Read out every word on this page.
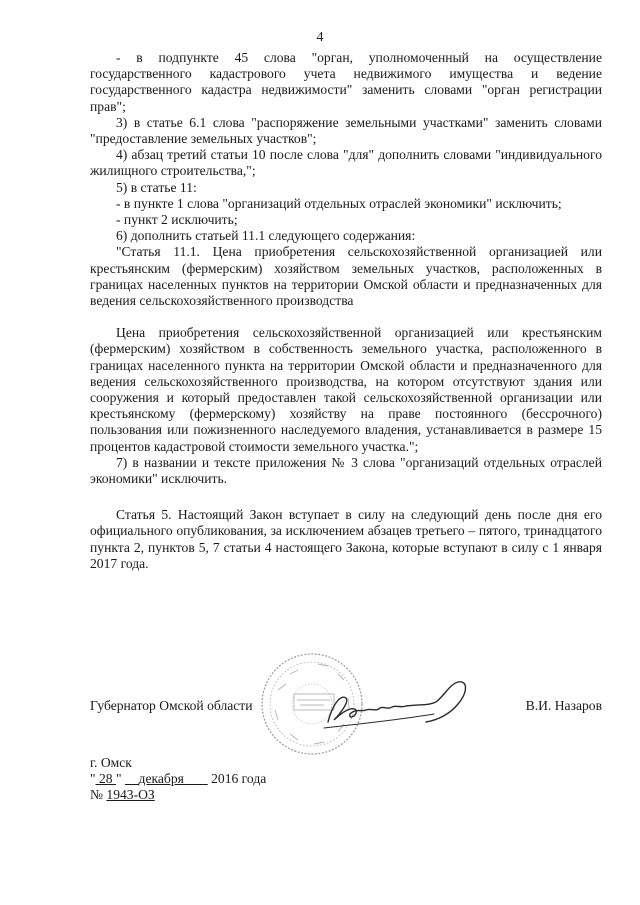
4

- в подпункте 45 слова "орган, уполномоченный на осуществление государственного кадастрового учета недвижимого имущества и ведение государственного кадастра недвижимости" заменить словами "орган регистрации прав";

3) в статье 6.1 слова "распоряжение земельными участками" заменить словами "предоставление земельных участков";

4) абзац третий статьи 10 после слова "для" дополнить словами "индивидуального жилищного строительства,";

5) в статье 11:

- в пункте 1 слова "организаций отдельных отраслей экономики" исключить;

- пункт 2 исключить;

6) дополнить статьей 11.1 следующего содержания:

"Статья 11.1. Цена приобретения сельскохозяйственной организацией или крестьянским (фермерским) хозяйством земельных участков, расположенных в границах населенных пунктов на территории Омской области и предназначенных для ведения сельскохозяйственного производства

Цена приобретения сельскохозяйственной организацией или крестьянским (фермерским) хозяйством в собственность земельного участка, расположенного в границах населенного пункта на территории Омской области и предназначенного для ведения сельскохозяйственного производства, на котором отсутствуют здания или сооружения и который предоставлен такой сельскохозяйственной организации или крестьянскому (фермерскому) хозяйству на праве постоянного (бессрочного) пользования или пожизненного наследуемого владения, устанавливается в размере 15 процентов кадастровой стоимости земельного участка.";

7) в названии и тексте приложения № 3 слова "организаций отдельных отраслей экономики" исключить.

Статья 5. Настоящий Закон вступает в силу на следующий день после дня его официального опубликования, за исключением абзацев третьего – пятого, тринадцатого пункта 2, пунктов 5, 7 статьи 4 настоящего Закона, которые вступают в силу с 1 января 2017 года.

Губернатор Омской области	В.И. Назаров
г. Омск
" 28 " декабря 2016 года
№ 1943-ОЗ
